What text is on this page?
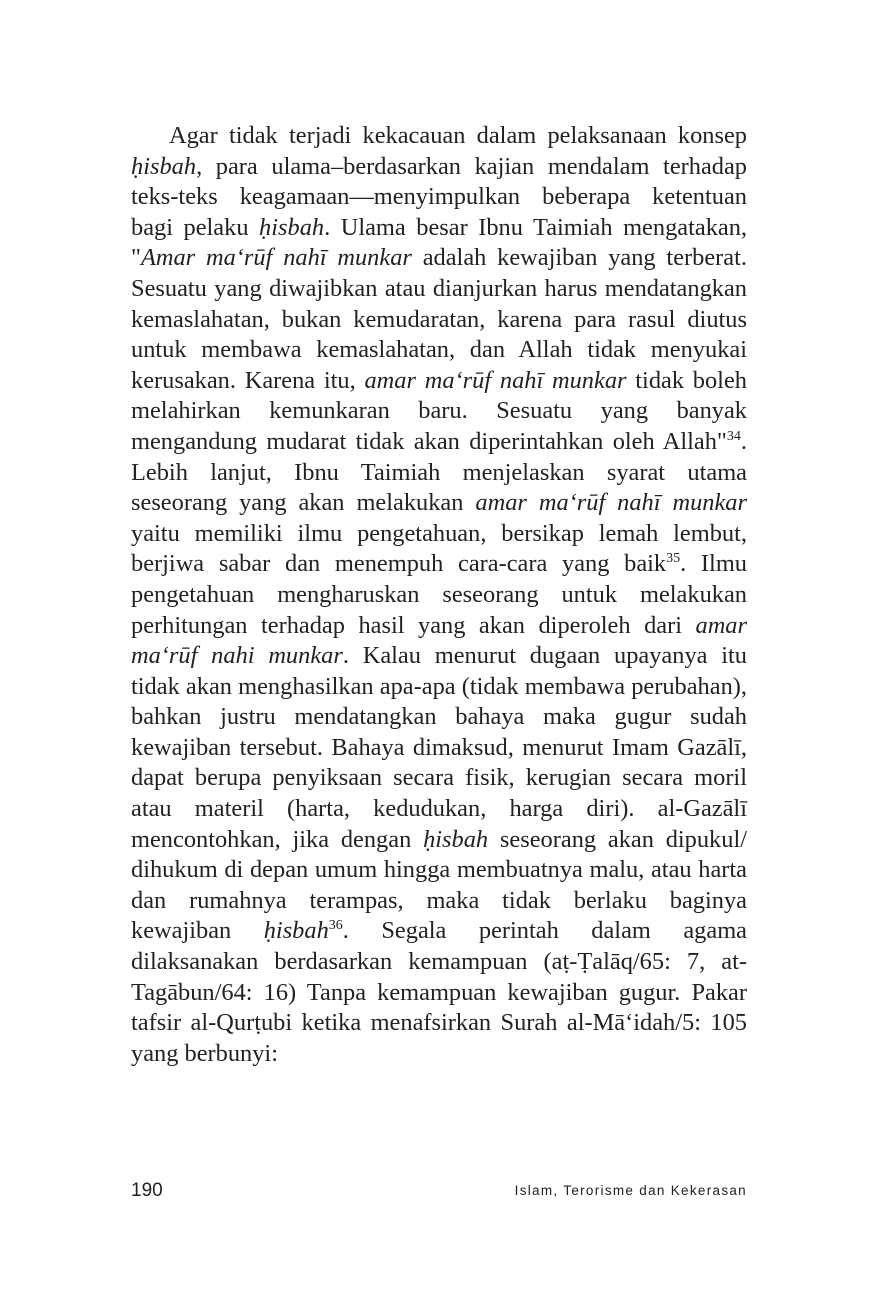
Agar tidak terjadi kekacauan dalam pelaksanaan konsep ḥisbah, para ulama–berdasarkan kajian mendalam terhadap teks-teks keagamaan—menyimpulkan beberapa ketentuan bagi pelaku ḥisbah. Ulama besar Ibnu Taimiah mengatakan, "Amar ma‘rūf nahī munkar adalah kewajiban yang terberat. Sesuatu yang diwajibkan atau dianjurkan harus mendatangkan kemaslahatan, bukan kemudaratan, karena para rasul diutus untuk membawa kemaslahatan, dan Allah tidak menyukai kerusakan. Karena itu, amar ma‘rūf nahī munkar tidak boleh melahirkan kemunkaran baru. Sesuatu yang banyak mengandung mudarat tidak akan diperintahkan oleh Allah"$^{34}$. Lebih lanjut, Ibnu Taimiah menjelaskan syarat utama seseorang yang akan melakukan amar ma‘rūf nahī munkar yaitu memiliki ilmu pengetahuan, bersikap lemah lembut, berjiwa sabar dan menempuh cara-cara yang baik$^{35}$. Ilmu pengetahuan mengharuskan seseorang untuk melakukan perhitungan terhadap hasil yang akan diperoleh dari amar ma‘rūf nahi munkar. Kalau menurut dugaan upayanya itu tidak akan menghasilkan apa-apa (tidak membawa perubahan), bahkan justru mendatangkan bahaya maka gugur sudah kewajiban tersebut. Bahaya dimaksud, menurut Imam Gazālī, dapat berupa penyiksaan secara fisik, kerugian secara moril atau materil (harta, kedudukan, harga diri). al-Gazālī mencontohkan, jika dengan ḥisbah seseorang akan dipukul/ dihukum di depan umum hingga membuatnya malu, atau harta dan rumahnya terampas, maka tidak berlaku baginya kewajiban ḥisbah$^{36}$. Segala perintah dalam agama dilaksanakan berdasarkan kemampuan (aṭ-Ṭalāq/65: 7, at-Tagābun/64: 16) Tanpa kemampuan kewajiban gugur. Pakar tafsir al-Qurṭubi ketika menafsirkan Surah al-Mā‘idah/5: 105 yang berbunyi:

190	Islam, Terorisme dan Kekerasan
